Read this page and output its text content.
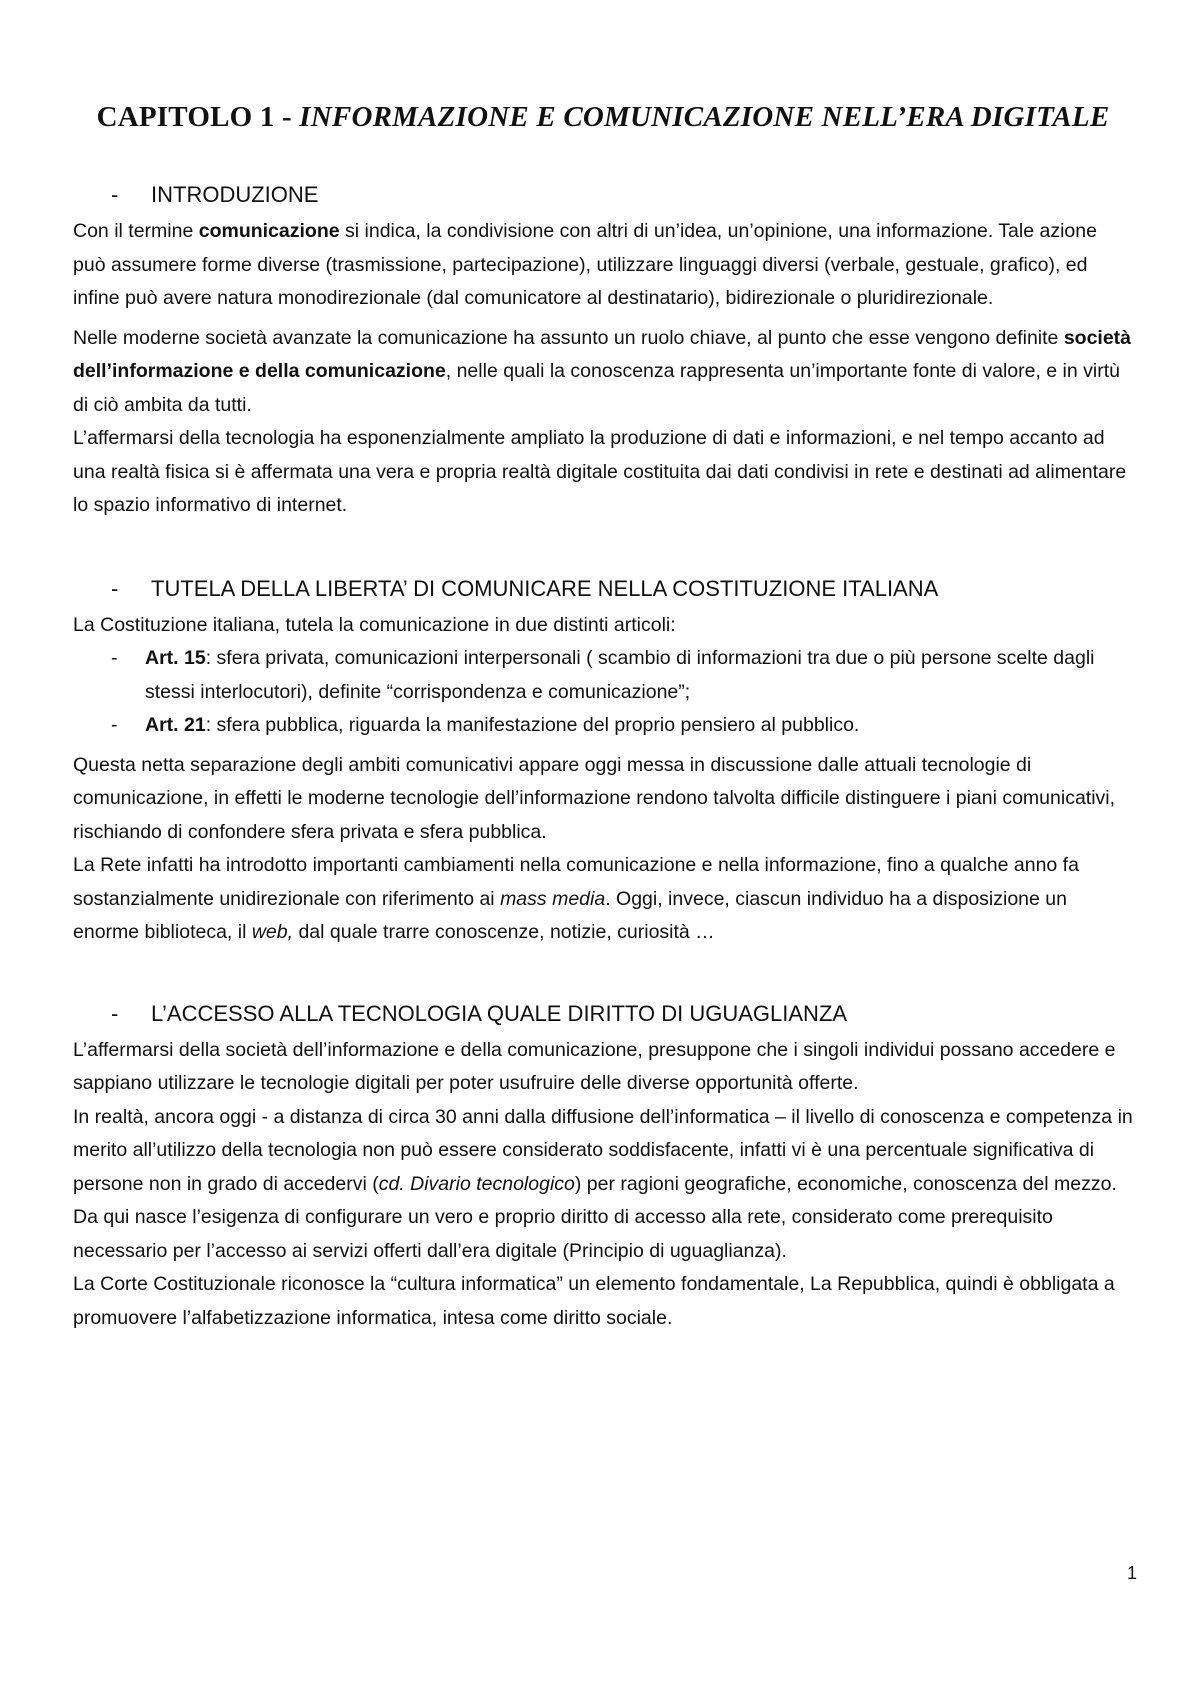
CAPITOLO 1 - INFORMAZIONE E COMUNICAZIONE NELL’ERA DIGITALE
-	INTRODUZIONE

Con il termine comunicazione si indica, la condivisione con altri di un’idea, un’opinione, una informazione. Tale azione può assumere forme diverse (trasmissione, partecipazione), utilizzare linguaggi diversi (verbale, gestuale, grafico), ed infine può avere natura monodirezionale (dal comunicatore al destinatario), bidirezionale o pluridirezionale.

Nelle moderne società avanzate la comunicazione ha assunto un ruolo chiave, al punto che esse vengono definite società dell’informazione e della comunicazione, nelle quali la conoscenza rappresenta un’importante fonte di valore, e in virtù di ciò ambita da tutti.

L’affermarsi della tecnologia ha esponenzialmente ampliato la produzione di dati e informazioni, e nel tempo accanto ad una realtà fisica si è affermata una vera e propria realtà digitale costituita dai dati condivisi in rete e destinati ad alimentare lo spazio informativo di internet.

-	TUTELA DELLA LIBERTA’ DI COMUNICARE NELLA COSTITUZIONE ITALIANA

La Costituzione italiana, tutela la comunicazione in due distinti articoli:

-	Art. 15: sfera privata, comunicazioni interpersonali ( scambio di informazioni tra due o più persone scelte dagli stessi interlocutori), definite “corrispondenza e comunicazione”;
-	Art. 21: sfera pubblica, riguarda la manifestazione del proprio pensiero al pubblico.

Questa netta separazione degli ambiti comunicativi appare oggi messa in discussione dalle attuali tecnologie di comunicazione, in effetti le moderne tecnologie dell’informazione rendono talvolta difficile distinguere i piani comunicativi, rischiando di confondere sfera privata e sfera pubblica.

La Rete infatti ha introdotto importanti cambiamenti nella comunicazione e nella informazione, fino a qualche anno fa sostanzialmente unidirezionale con riferimento ai mass media. Oggi, invece, ciascun individuo ha a disposizione un enorme biblioteca, il web, dal quale trarre conoscenze, notizie, curiosità …

-	L’ACCESSO ALLA TECNOLOGIA QUALE DIRITTO DI UGUAGLIANZA

L’affermarsi della società dell’informazione e della comunicazione, presuppone che i singoli individui possano accedere e sappiano utilizzare le tecnologie digitali per poter usufruire delle diverse opportunità offerte.

In realtà, ancora oggi - a distanza di circa 30 anni dalla diffusione dell’informatica – il livello di conoscenza e competenza in merito all’utilizzo della tecnologia non può essere considerato soddisfacente, infatti vi è una percentuale significativa di persone non in grado di accedervi (cd. Divario tecnologico) per ragioni geografiche, economiche, conoscenza del mezzo.

Da qui nasce l’esigenza di configurare un vero e proprio diritto di accesso alla rete, considerato come prerequisito necessario per l’accesso ai servizi offerti dall’era digitale (Principio di uguaglianza).

La Corte Costituzionale riconosce la “cultura informatica” un elemento fondamentale, La Repubblica, quindi è obbligata a promuovere l’alfabetizzazione informatica, intesa come diritto sociale.

1
